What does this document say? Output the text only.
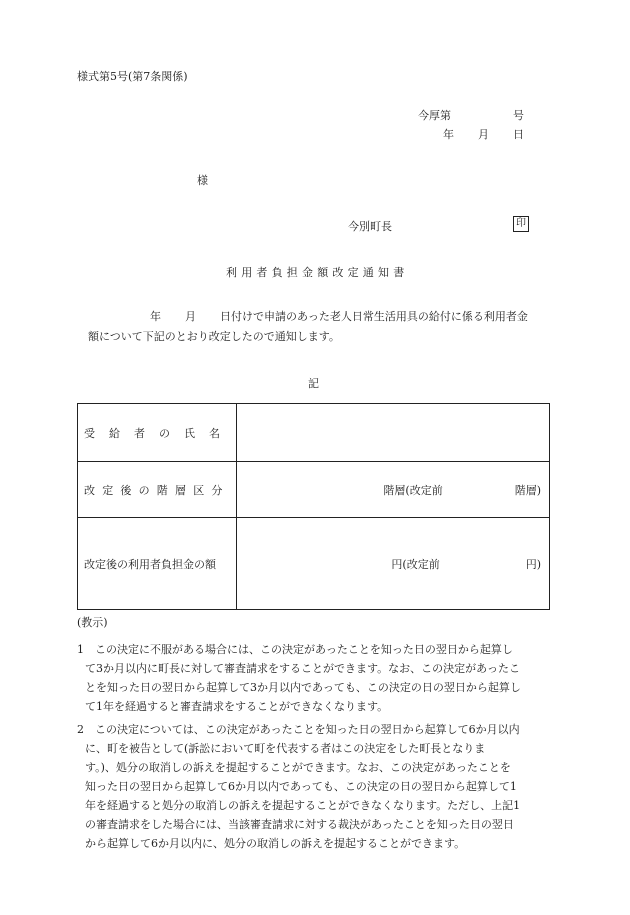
様式第5号(第7条関係)
今厚第	号
年 月 日
様
今別町長	印
利用者負担金額改定通知書
年 月 日付けで申請のあった老人日常生活用具の給付に係る利用者金
額について下記のとおり改定したので通知します。
記
受給者の氏名	
改定後の階層区分	階層(改定前 階層)
改定後の利用者負担金の額	円(改定前 円)
(教示)
1　この決定に不服がある場合には、この決定があったことを知った日の翌日から起算し
て3か月以内に町長に対して審査請求をすることができます。なお、この決定があったこ
とを知った日の翌日から起算して3か月以内であっても、この決定の日の翌日から起算し
て1年を経過すると審査請求をすることができなくなります。
2　この決定については、この決定があったことを知った日の翌日から起算して6か月以内
に、町を被告として(訴訟において町を代表する者はこの決定をした町長となりま
す。)、処分の取消しの訴えを提起することができます。なお、この決定があったことを
知った日の翌日から起算して6か月以内であっても、この決定の日の翌日から起算して1
年を経過すると処分の取消しの訴えを提起することができなくなります。ただし、上記1
の審査請求をした場合には、当該審査請求に対する裁決があったことを知った日の翌日
から起算して6か月以内に、処分の取消しの訴えを提起することができます。
